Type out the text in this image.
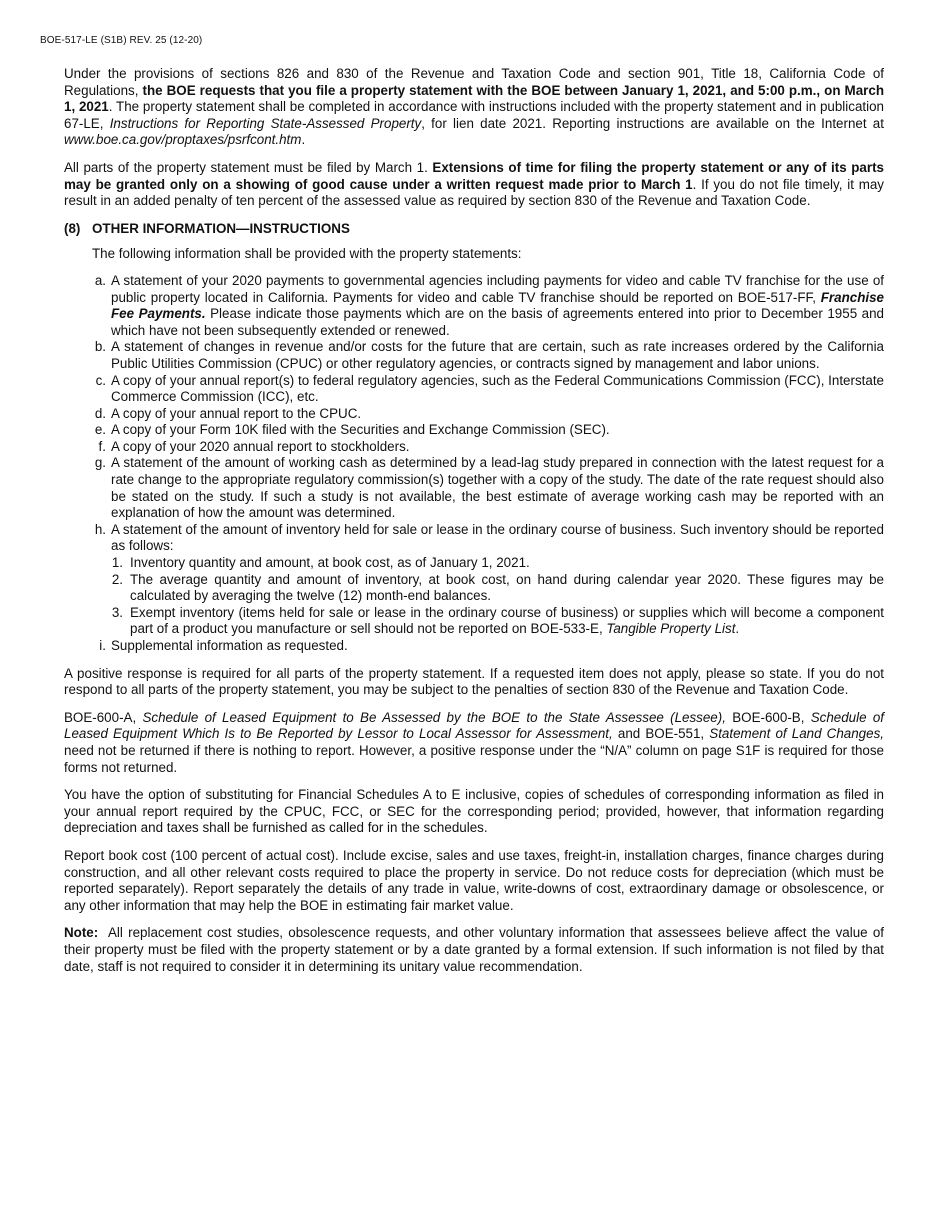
BOE-517-LE (S1B) REV. 25 (12-20)

Under the provisions of sections 826 and 830 of the Revenue and Taxation Code and section 901, Title 18, California Code of Regulations, the BOE requests that you file a property statement with the BOE between January 1, 2021, and 5:00 p.m., on March 1, 2021. The property statement shall be completed in accordance with instructions included with the property statement and in publication 67-LE, Instructions for Reporting State-Assessed Property, for lien date 2021. Reporting instructions are available on the Internet at www.boe.ca.gov/proptaxes/psrfcont.htm.

All parts of the property statement must be filed by March 1. Extensions of time for filing the property statement or any of its parts may be granted only on a showing of good cause under a written request made prior to March 1. If you do not file timely, it may result in an added penalty of ten percent of the assessed value as required by section 830 of the Revenue and Taxation Code.

(8) OTHER INFORMATION—INSTRUCTIONS

The following information shall be provided with the property statements:

a. A statement of your 2020 payments to governmental agencies including payments for video and cable TV franchise for the use of public property located in California. Payments for video and cable TV franchise should be reported on BOE-517-FF, Franchise Fee Payments. Please indicate those payments which are on the basis of agreements entered into prior to December 1955 and which have not been subsequently extended or renewed.
b. A statement of changes in revenue and/or costs for the future that are certain, such as rate increases ordered by the California Public Utilities Commission (CPUC) or other regulatory agencies, or contracts signed by management and labor unions.
c. A copy of your annual report(s) to federal regulatory agencies, such as the Federal Communications Commission (FCC), Interstate Commerce Commission (ICC), etc.
d. A copy of your annual report to the CPUC.
e. A copy of your Form 10K filed with the Securities and Exchange Commission (SEC).
f. A copy of your 2020 annual report to stockholders.
g. A statement of the amount of working cash as determined by a lead-lag study prepared in connection with the latest request for a rate change to the appropriate regulatory commission(s) together with a copy of the study. The date of the rate request should also be stated on the study. If such a study is not available, the best estimate of average working cash may be reported with an explanation of how the amount was determined.
h. A statement of the amount of inventory held for sale or lease in the ordinary course of business. Such inventory should be reported as follows:
1. Inventory quantity and amount, at book cost, as of January 1, 2021.
2. The average quantity and amount of inventory, at book cost, on hand during calendar year 2020. These figures may be calculated by averaging the twelve (12) month-end balances.
3. Exempt inventory (items held for sale or lease in the ordinary course of business) or supplies which will become a component part of a product you manufacture or sell should not be reported on BOE-533-E, Tangible Property List.
i. Supplemental information as requested.

A positive response is required for all parts of the property statement. If a requested item does not apply, please so state. If you do not respond to all parts of the property statement, you may be subject to the penalties of section 830 of the Revenue and Taxation Code.

BOE-600-A, Schedule of Leased Equipment to Be Assessed by the BOE to the State Assessee (Lessee), BOE-600-B, Schedule of Leased Equipment Which Is to Be Reported by Lessor to Local Assessor for Assessment, and BOE-551, Statement of Land Changes, need not be returned if there is nothing to report. However, a positive response under the “N/A” column on page S1F is required for those forms not returned.

You have the option of substituting for Financial Schedules A to E inclusive, copies of schedules of corresponding information as filed in your annual report required by the CPUC, FCC, or SEC for the corresponding period; provided, however, that information regarding depreciation and taxes shall be furnished as called for in the schedules.

Report book cost (100 percent of actual cost). Include excise, sales and use taxes, freight-in, installation charges, finance charges during construction, and all other relevant costs required to place the property in service. Do not reduce costs for depreciation (which must be reported separately). Report separately the details of any trade in value, write-downs of cost, extraordinary damage or obsolescence, or any other information that may help the BOE in estimating fair market value.

Note: All replacement cost studies, obsolescence requests, and other voluntary information that assessees believe affect the value of their property must be filed with the property statement or by a date granted by a formal extension. If such information is not filed by that date, staff is not required to consider it in determining its unitary value recommendation.
